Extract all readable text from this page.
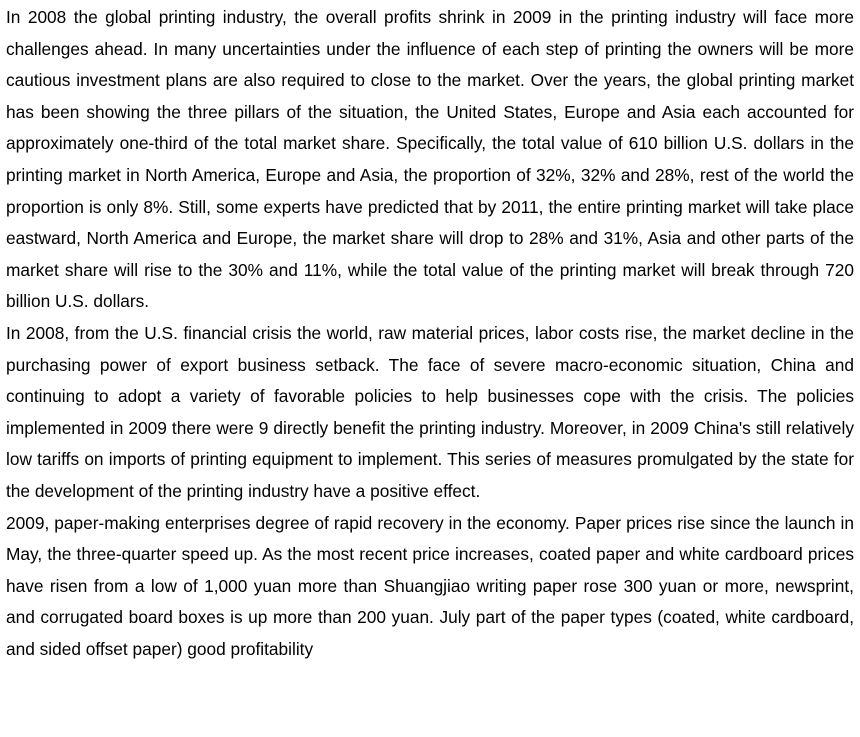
In 2008 the global printing industry, the overall profits shrink in 2009 in the printing industry will face more challenges ahead. In many uncertainties under the influence of each step of printing the owners will be more cautious investment plans are also required to close to the market. Over the years, the global printing market has been showing the three pillars of the situation, the United States, Europe and Asia each accounted for approximately one-third of the total market share. Specifically, the total value of 610 billion U.S. dollars in the printing market in North America, Europe and Asia, the proportion of 32%, 32% and 28%, rest of the world the proportion is only 8%. Still, some experts have predicted that by 2011, the entire printing market will take place eastward, North America and Europe, the market share will drop to 28% and 31%, Asia and other parts of the market share will rise to the 30% and 11%, while the total value of the printing market will break through 720 billion U.S. dollars.

In 2008, from the U.S. financial crisis the world, raw material prices, labor costs rise, the market decline in the purchasing power of export business setback. The face of severe macro-economic situation, China and continuing to adopt a variety of favorable policies to help businesses cope with the crisis. The policies implemented in 2009 there were 9 directly benefit the printing industry. Moreover, in 2009 China's still relatively low tariffs on imports of printing equipment to implement. This series of measures promulgated by the state for the development of the printing industry have a positive effect.

2009, paper-making enterprises degree of rapid recovery in the economy. Paper prices rise since the launch in May, the three-quarter speed up. As the most recent price increases, coated paper and white cardboard prices have risen from a low of 1,000 yuan more than Shuangjiao writing paper rose 300 yuan or more, newsprint, and corrugated board boxes is up more than 200 yuan. July part of the paper types (coated, white cardboard, and sided offset paper) good profitability
